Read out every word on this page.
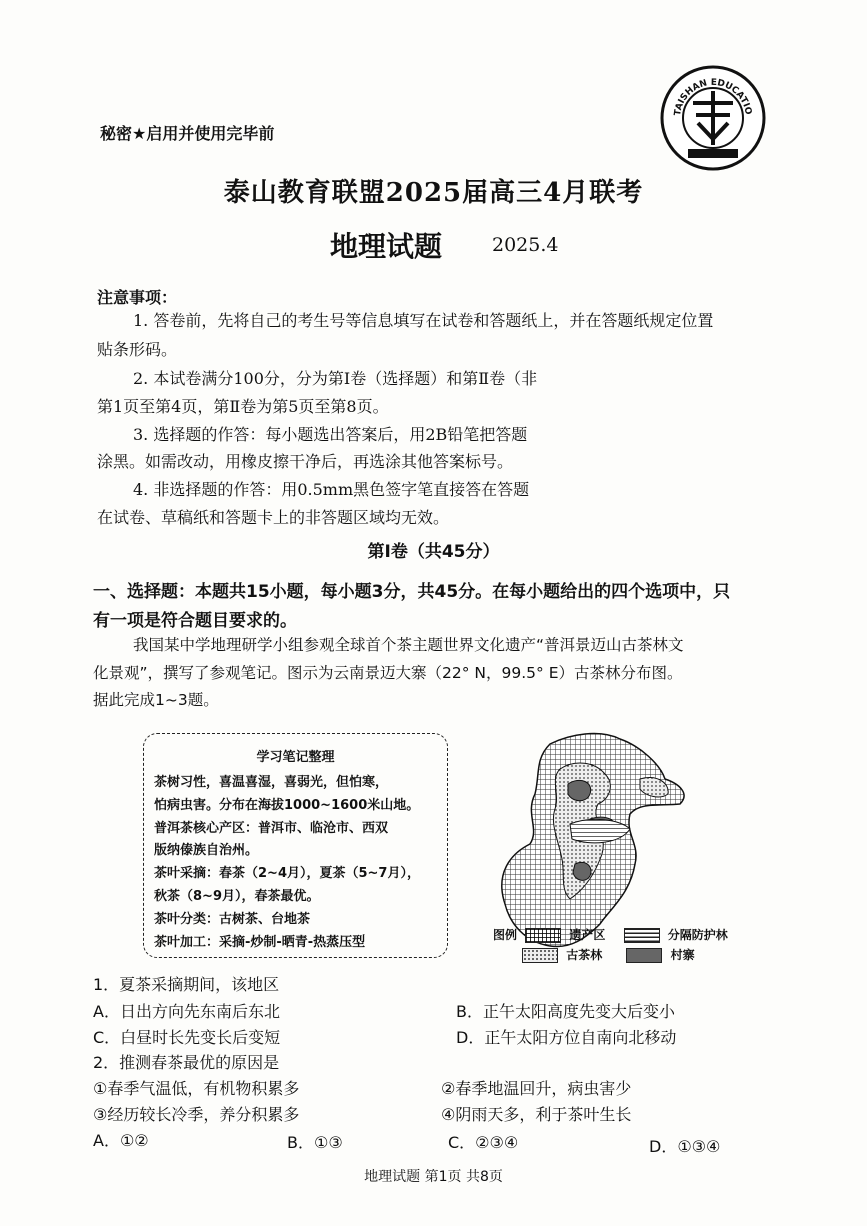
秘密★启用并使用完毕前
TAISHAN EDUCATIO
泰山教育联盟2025届高三4月联考
地理试题	2025.4
注意事项：
1. 答卷前，先将自己的考生号等信息填写在试卷和答题纸上，并在答题纸规定位置
贴条形码。
2. 本试卷满分100分，分为第Ⅰ卷（选择题）和第Ⅱ卷（非
第1页至第4页，第Ⅱ卷为第5页至第8页。
3. 选择题的作答：每小题选出答案后，用2B铅笔把答题
涂黑。如需改动，用橡皮擦干净后，再选涂其他答案标号。
4. 非选择题的作答：用0.5mm黑色签字笔直接答在答题
在试卷、草稿纸和答题卡上的非答题区域均无效。
第Ⅰ卷（共45分）
一、选择题：本题共15小题，每小题3分，共45分。在每小题给出的四个选项中，只
有一项是符合题目要求的。
我国某中学地理研学小组参观全球首个茶主题世界文化遗产“普洱景迈山古茶林文
化景观”，撰写了参观笔记。图示为云南景迈大寨（22° N，99.5° E）古茶林分布图。
据此完成1~3题。
学习笔记整理
茶树习性，喜温喜湿，喜弱光，但怕寒，
怕病虫害。分布在海拔1000~1600米山地。
普洱茶核心产区：普洱市、临沧市、西双
版纳傣族自治州。
茶叶采摘：春茶（2~4月），夏茶（5~7月），
秋茶（8~9月），春茶最优。
茶叶分类：古树茶、台地茶
茶叶加工：采摘-炒制-晒青-热蒸压型	图例	遗产区	分隔防护林
古茶林	村寨
1．夏茶采摘期间，该地区
A．日出方向先东南后东北	B．正午太阳高度先变大后变小
C．白昼时长先变长后变短	D．正午太阳方位自南向北移动
2．推测春茶最优的原因是
①春季气温低，有机物积累多	②春季地温回升，病虫害少
③经历较长冷季，养分积累多	④阴雨天多，利于茶叶生长
A．①②	B．①③	C．②③④	D．①③④
地理试题 第1页 共8页
